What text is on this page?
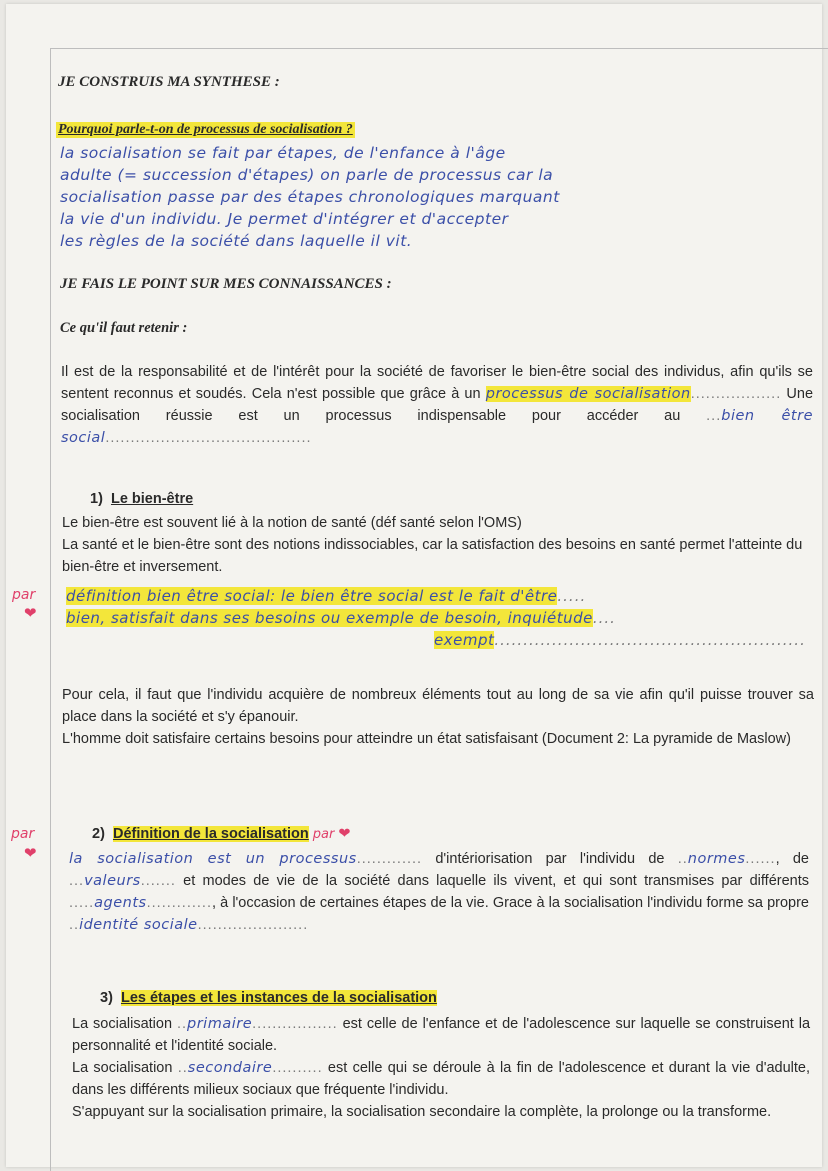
JE CONSTRUIS MA SYNTHESE :
Pourquoi parle-t-on de processus de socialisation ?
la socialisation se fait par étapes, de l'enfance à l'âge
adulte (= succession d'étapes) on parle de processus car la
socialisation passe par des étapes chronologiques marquant
la vie d'un individu. Je permet d'intégrer et d'accepter
les règles de la société dans laquelle il vit.
JE FAIS LE POINT SUR MES CONNAISSANCES :
Ce qu'il faut retenir :
Il est de la responsabilité et de l'intérêt pour la société de favoriser le bien-être social des individus, afin qu'ils se sentent reconnus et soudés. Cela n'est possible que grâce à un processus de socialisation.................. Une socialisation réussie est un processus indispensable pour accéder au ...bien être social.........................................
1) Le bien-être
Le bien-être est souvent lié à la notion de santé (déf santé selon l'OMS)
La santé et le bien-être sont des notions indissociables, car la satisfaction des besoins en santé permet l'atteinte du bien-être et inversement.
par
❤
définition bien être social: le bien être social est le fait d'être.....
bien, satisfait dans ses besoins ou exemple de besoin, inquiétude....
exempt......................................................
Pour cela, il faut que l'individu acquière de nombreux éléments tout au long de sa vie afin qu'il puisse trouver sa place dans la société et s'y épanouir.
L'homme doit satisfaire certains besoins pour atteindre un état satisfaisant (Document 2: La pyramide de Maslow)
par
❤
2) Définition de la socialisation par ❤
la socialisation est un processus............. d'intériorisation par l'individu de ..normes......, de ...valeurs....... et modes de vie de la société dans laquelle ils vivent, et qui sont transmises par différents .....agents............., à l'occasion de certaines étapes de la vie. Grace à la socialisation l'individu forme sa propre ..identité sociale......................
3) Les étapes et les instances de la socialisation
La socialisation ..primaire................. est celle de l'enfance et de l'adolescence sur laquelle se construisent la personnalité et l'identité sociale.
La socialisation ..secondaire.......... est celle qui se déroule à la fin de l'adolescence et durant la vie d'adulte, dans les différents milieux sociaux que fréquente l'individu.
S'appuyant sur la socialisation primaire, la socialisation secondaire la complète, la prolonge ou la transforme.
